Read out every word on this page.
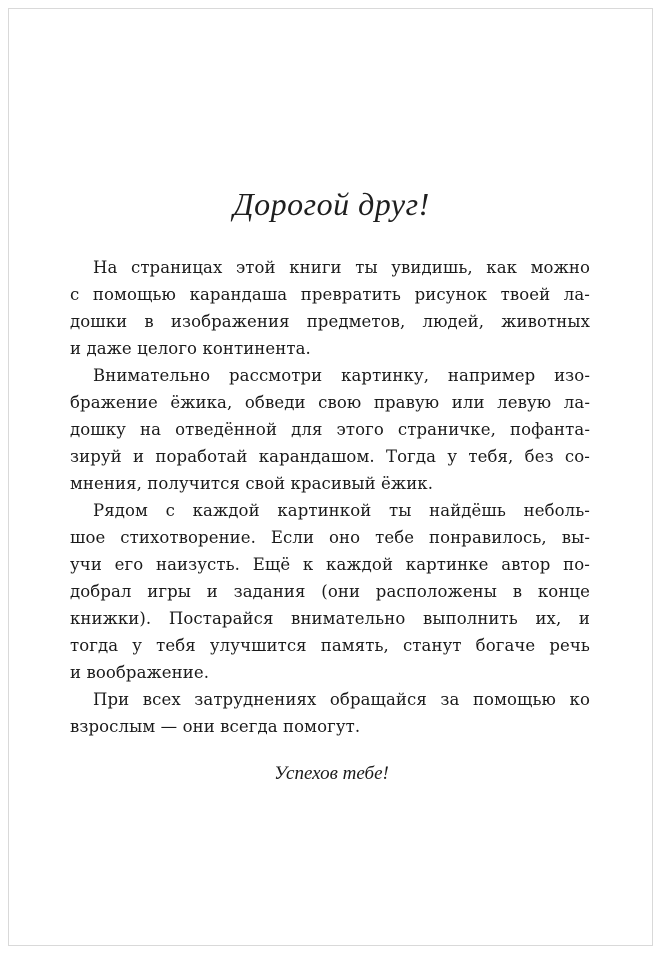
Дорогой друг!
На страницах этой книги ты увидишь, как можно
с помощью карандаша превратить рисунок твоей ла-
дошки в изображения предметов, людей, животных
и даже целого континента.
Внимательно рассмотри картинку, например изо-
бражение ёжика, обведи свою правую или левую ла-
дошку на отведённой для этого страничке, пофанта-
зируй и поработай карандашом. Тогда у тебя, без со-
мнения, получится свой красивый ёжик.
Рядом с каждой картинкой ты найдёшь неболь-
шое стихотворение. Если оно тебе понравилось, вы-
учи его наизусть. Ещё к каждой картинке автор по-
добрал игры и задания (они расположены в конце
книжки). Постарайся внимательно выполнить их, и
тогда у тебя улучшится память, станут богаче речь
и воображение.
При всех затруднениях обращайся за помощью ко
взрослым — они всегда помогут.
Успехов тебе!
